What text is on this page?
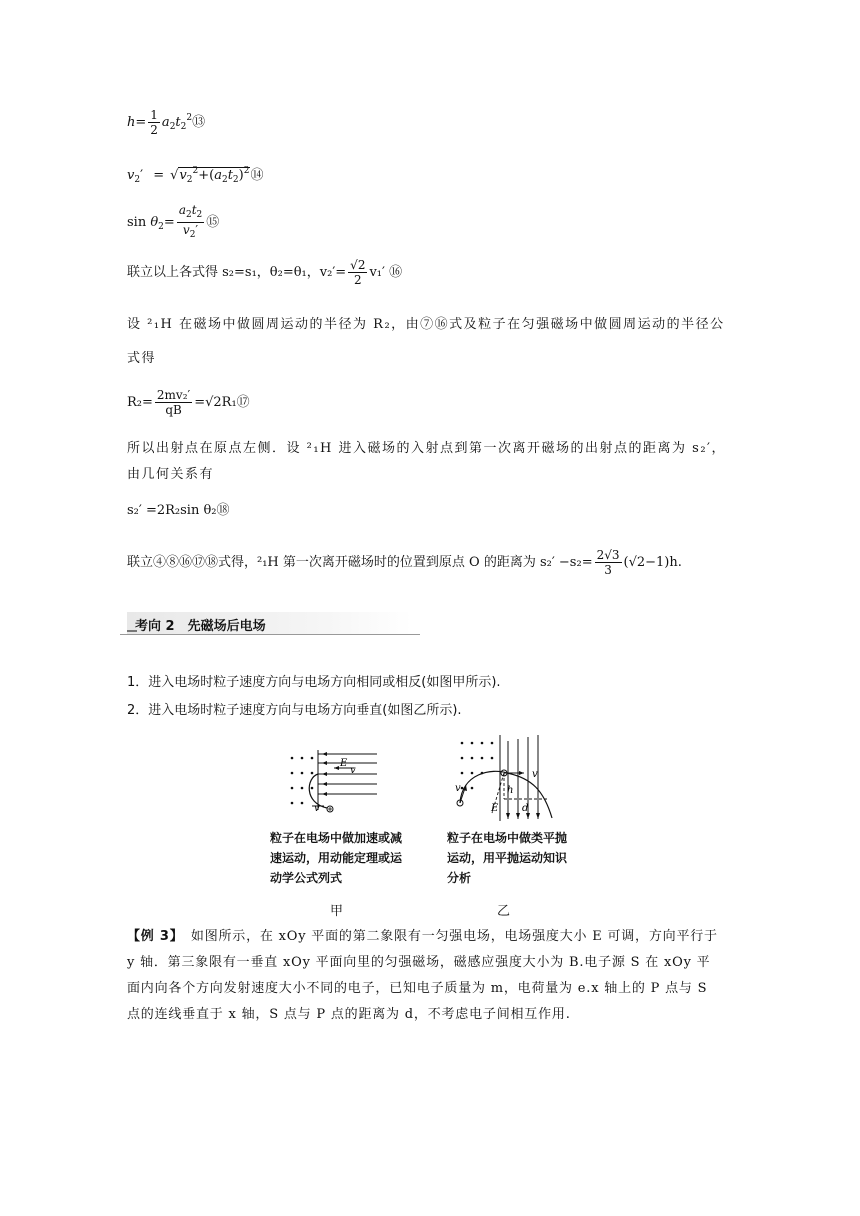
$h= \frac{1}{2}$ $a_2t_2^2⑬$
$v_2'$ = $√v_2^2+(a_2t_2)^2⑭$
$\sin \theta_2= \frac{a_2t_2}{v_2'}$ ⑮
联立以上各式得 s₂=s₁，θ₂=θ₁，$v_2'= \frac{√2}{2} v_1'$ ⑯
设 ²₁H 在磁场中做圆周运动的半径为 R₂，由⑦⑯式及粒子在匀强磁场中做圆周运动的半径公
式得
$R_2= \frac{\text{2mv₂′}}{qB}$ =√2R₁⑰
所以出射点在原点左侧．设 ²₁H 进入磁场的入射点到第一次离开磁场的出射点的距离为 s₂′，
由几何关系有
s₂′ =2R₂sin θ₂⑱
联立④⑧⑯⑰⑱式得，²₁H 第一次离开磁场时的位置到原点 O 的距离为 $s_2' -s_2= \frac{2√3}{3} (√2-1)h$.
考向 2　先磁场后电场
1．进入电场时粒子速度方向与电场方向相同或相反(如图甲所示).
2．进入电场时粒子速度方向与电场方向垂直(如图乙所示).
E
v
v
v
v
E
h
d
粒子在电场中做加速或减
速运动，用动能定理或运
动学公式列式
粒子在电场中做类平抛
运动，用平抛运动知识
分析
甲	乙
【例 3】　 如图所示，在 xOy 平面的第二象限有一匀强电场，电场强度大小 E 可调，方向平行于
y 轴．第三象限有一垂直 xOy 平面向里的匀强磁场，磁感应强度大小为 B.电子源 S 在 xOy 平
面内向各个方向发射速度大小不同的电子，已知电子质量为 m，电荷量为 e.x 轴上的 P 点与 S
点的连线垂直于 x 轴，S 点与 P 点的距离为 d，不考虑电子间相互作用.
